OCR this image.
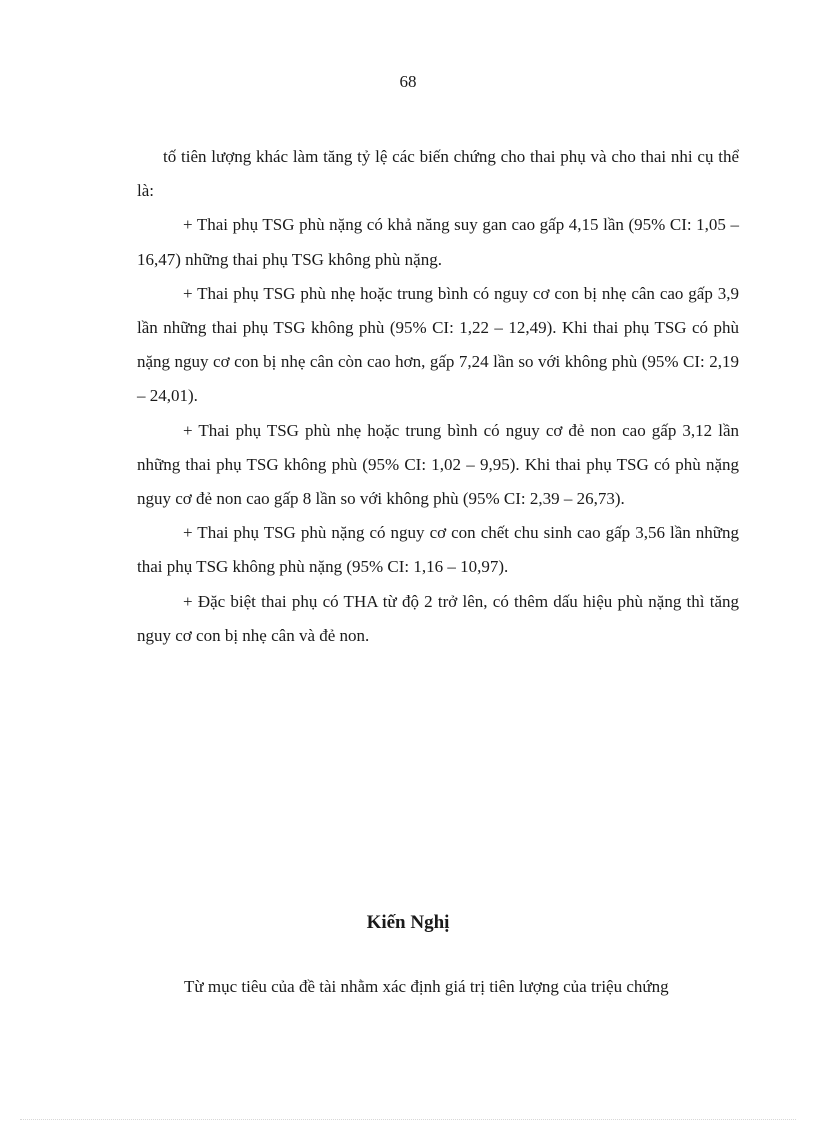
68

tố tiên lượng khác làm tăng tỷ lệ các biến chứng cho thai phụ và cho thai nhi cụ thể là:

+ Thai phụ TSG phù nặng có khả năng suy gan cao gấp 4,15 lần (95% CI: 1,05 – 16,47) những thai phụ TSG không phù nặng.

+ Thai phụ TSG phù nhẹ hoặc trung bình có nguy cơ con bị nhẹ cân cao gấp 3,9 lần những thai phụ TSG không phù (95% CI: 1,22 – 12,49). Khi thai phụ TSG có phù nặng nguy cơ con bị nhẹ cân còn cao hơn, gấp 7,24 lần so với không phù (95% CI: 2,19 – 24,01).

+ Thai phụ TSG phù nhẹ hoặc trung bình có nguy cơ đẻ non cao gấp 3,12 lần những thai phụ TSG không phù (95% CI: 1,02 – 9,95). Khi thai phụ TSG có phù nặng nguy cơ đẻ non cao gấp 8 lần so với không phù (95% CI: 2,39 – 26,73).

+ Thai phụ TSG phù nặng có nguy cơ con chết chu sinh cao gấp 3,56 lần những thai phụ TSG không phù nặng (95% CI: 1,16 – 10,97).

+ Đặc biệt thai phụ có THA từ độ 2 trở lên, có thêm dấu hiệu phù nặng thì tăng nguy cơ con bị nhẹ cân và đẻ non.

Kiến Nghị

Từ mục tiêu của đề tài nhằm xác định giá trị tiên lượng của triệu chứng
